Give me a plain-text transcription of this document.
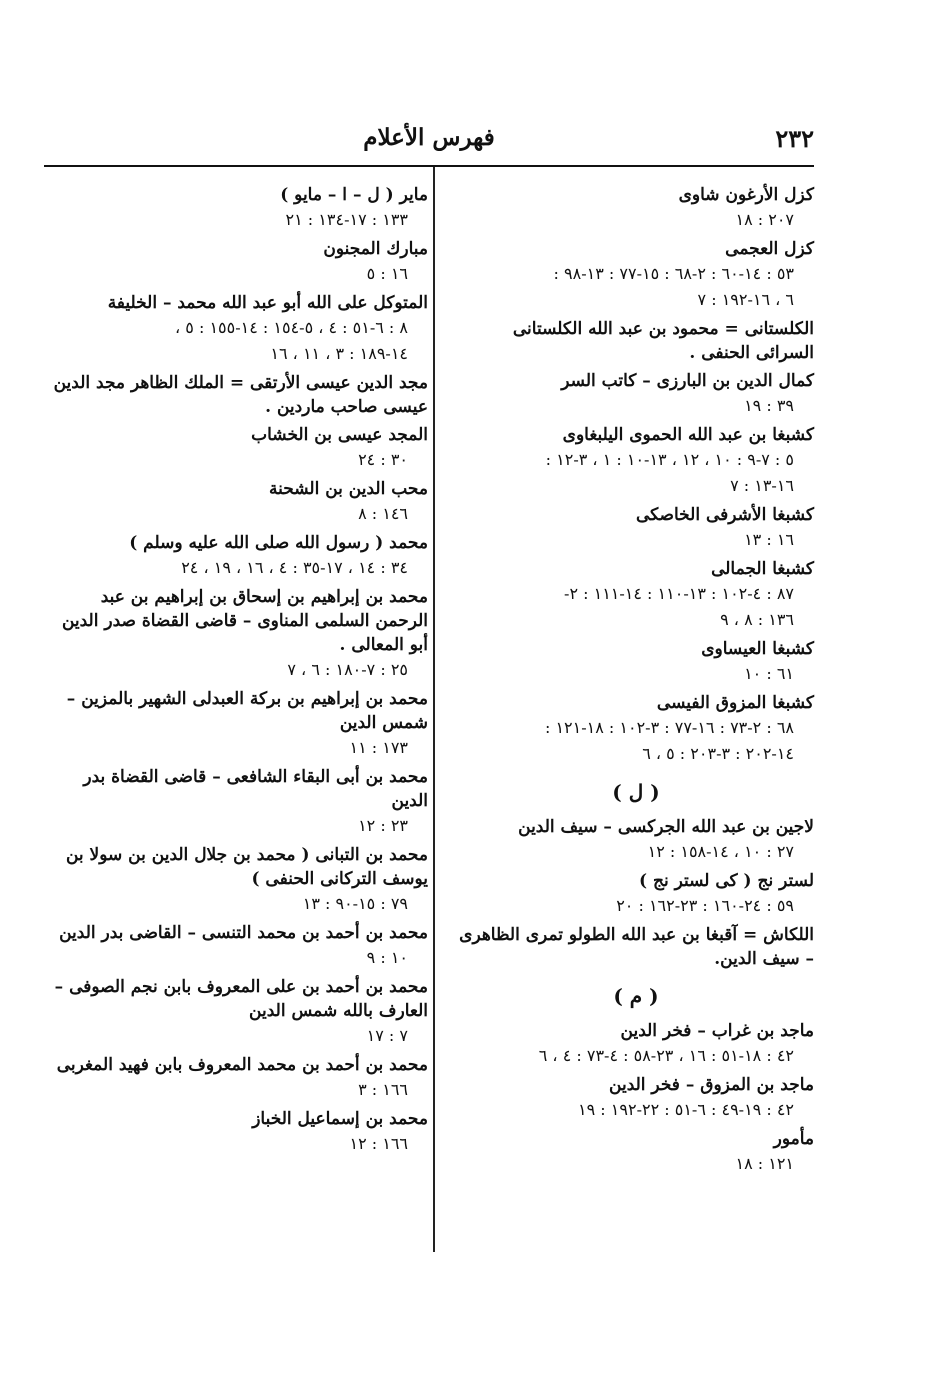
٢٣٢
فهرس الأعلام
كزل الأرغون شاوى
٢٠٧ : ١٨
كزل العجمى
٥٣ : ١٤-٦٠ : ٢-٦٨ : ١٥-٧٧ : ١٣-٩٨ :
٦ ، ١٦-١٩٢ : ٧
الكلستانى = محمود بن عبد الله الكلستانى السرائى الحنفى .
كمال الدين بن البارزى – كاتب السر
٣٩ : ١٩
كشبغا بن عبد الله الحموى اليلبغاوى
٥ : ٧-٩ : ١٠ ، ١٢ ، ١٣-١٠ : ١ ، ٣-١٢ :
١٦-١٣ : ٧
كشبغا الأشرفى الخاصكى
١٦ : ١٣
كشبغا الجمالى
٨٧ : ٤-١٠٢ : ١٣-١١٠ : ١٤-١١١ : ٢-
١٣٦ : ٨ ، ٩
كشبغا العيساوى
٦١ : ١٠
كشبغا المزوق الفيسى
٦٨ : ٢-٧٣ : ١٦-٧٧ : ٣-١٠٢ : ١٨-١٢١ :
١٤-٢٠٢ : ٣-٢٠٣ : ٥ ، ٦
( ل )
لاجين بن عبد الله الجركسى – سيف الدين
٢٧ : ١٠ ، ١٤-١٥٨ : ١٢
لستر نج ( كى لستر نج )
٥٩ : ٢٤-١٦٠ : ٢٣-١٦٢ : ٢٠
اللكاش = آقبغا بن عبد الله الطولو تمرى الظاهرى – سيف الدين.
( م )
ماجد بن غراب – فخر الدين
٤٢ : ١٨-٥١ : ١٦ ، ٢٣-٥٨ : ٤-٧٣ : ٤ ، ٦
ماجد بن المزوق – فخر الدين
٤٢ : ١٩-٤٩ : ٦-٥١ : ٢٢-١٩٢ : ١٩
مأمور
١٢١ : ١٨
ماير ( ل – ا – مايو )
١٣٣ : ١٧-١٣٤ : ٢١
مبارك المجنون
١٦ : ٥
المتوكل على الله أبو عبد الله محمد – الخليفة
٨ : ٦-٥١ : ٤ ، ٥-١٥٤ : ١٤-١٥٥ : ٥ ،
١٤-١٨٩ : ٣ ، ١١ ، ١٦
مجد الدين عيسى الأرتقى = الملك الظاهر مجد الدين عيسى صاحب ماردين .
المجد عيسى بن الخشاب
٣٠ : ٢٤
محب الدين بن الشحنة
١٤٦ : ٨
محمد ( رسول الله صلى الله عليه وسلم )
٣٤ : ١٤ ، ١٧-٣٥ : ٤ ، ١٦ ، ١٩ ، ٢٤
محمد بن إبراهيم بن إسحاق بن إبراهيم بن عبد الرحمن السلمى المناوى – قاضى القضاة صدر الدين أبو المعالى .
٢٥ : ٧-١٨٠ : ٦ ، ٧
محمد بن إبراهيم بن بركة العبدلى الشهير بالمزين – شمس الدين
١٧٣ : ١١
محمد بن أبى البقاء الشافعى – قاضى القضاة بدر الدين
٢٣ : ١٢
محمد بن التبانى ( محمد بن جلال الدين بن سولا بن يوسف التركانى الحنفى )
٧٩ : ١٥-٩٠ : ١٣
محمد بن أحمد بن محمد التنسى – القاضى بدر الدين
١٠ : ٩
محمد بن أحمد بن على المعروف بابن نجم الصوفى – العارف بالله شمس الدين
٧ : ١٧
محمد بن أحمد بن محمد المعروف بابن فهيد المغربى
١٦٦ : ٣
محمد بن إسماعيل الخباز
١٦٦ : ١٢
